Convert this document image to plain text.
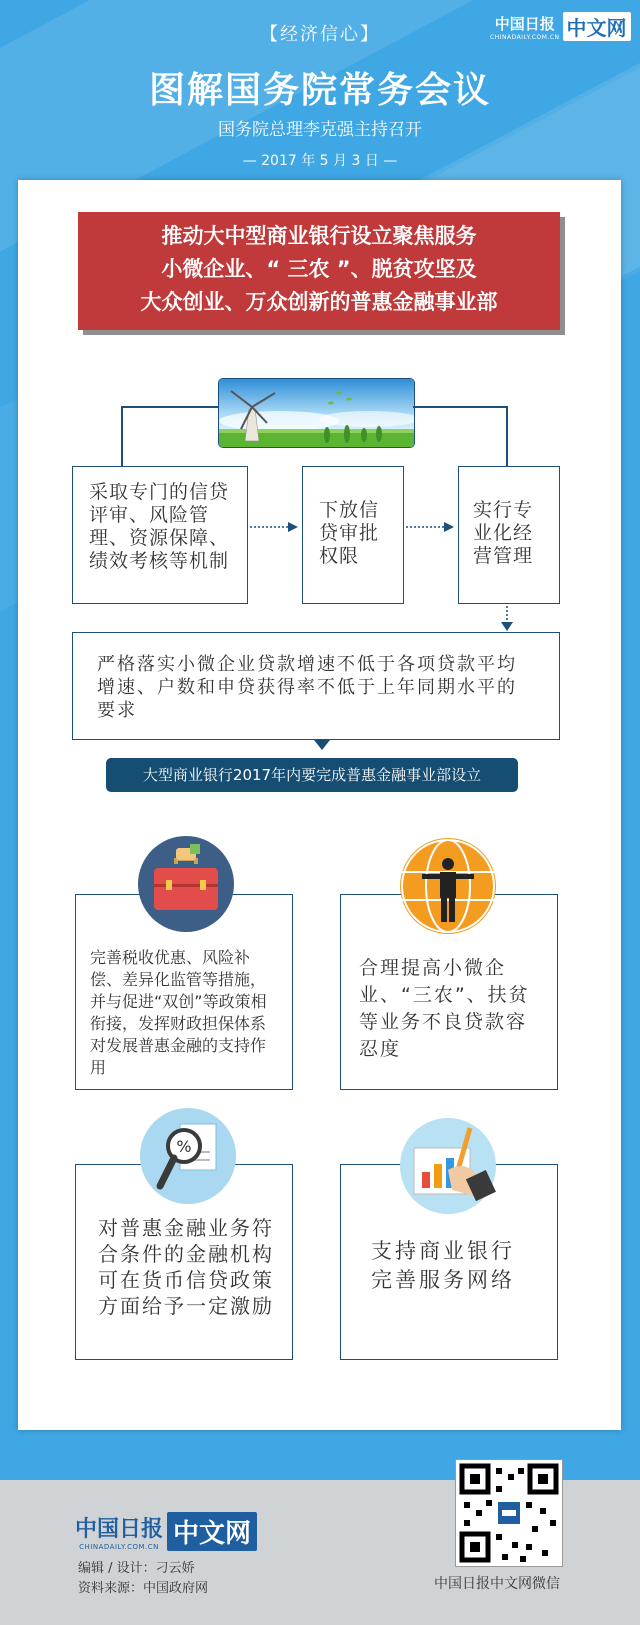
【经济信心】
中国日报
CHINADAILY.COM.CN 中文网
图解国务院常务会议
国务院总理李克强主持召开
— 2017 年 5 月 3 日 —
推动大中型商业银行设立聚焦服务
小微企业、“ 三农 ”、脱贫攻坚及
大众创业、万众创新的普惠金融事业部
采取专门的信贷评审、风险管理、资源保障、绩效考核等机制
下放信贷审批权限
实行专业化经营管理
严格落实小微企业贷款增速不低于各项贷款平均增速、户数和申贷获得率不低于上年同期水平的要求
大型商业银行2017年内要完成普惠金融事业部设立
完善税收优惠、风险补偿、差异化监管等措施，并与促进“双创”等政策相衔接，发挥财政担保体系对发展普惠金融的支持作用
合理提高小微企业、“三农”、扶贫等业务不良贷款容忍度
对普惠金融业务符合条件的金融机构可在货币信贷政策方面给予一定激励
%
支持商业银行完善服务网络
中国日报
CHINADAILY.COM.CN 中文网
编辑 / 设计：刁云娇
资料来源：中国政府网	中国日报中文网微信
